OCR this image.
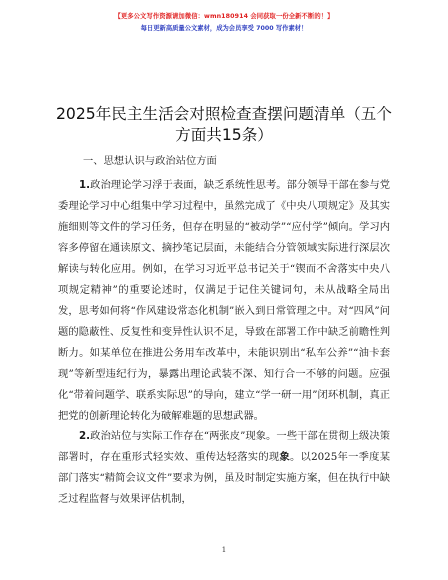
【更多公文写作资源请加微信：wmn180914 会同获取一份全新不断的！】
每日更新高质量公文素材，成为会员享受 7000 写作素材！
2025年民主生活会对照检查查摆问题清单（五个方面共15条）
一、思想认识与政治站位方面

1.政治理论学习浮于表面，缺乏系统性思考。部分领导干部在参与党委理论学习中心组集中学习过程中，虽然完成了《中央八项规定》及其实施细则等文件的学习任务，但存在明显的“被动学”“应付学”倾向。学习内容多停留在通读原文、摘抄笔记层面，未能结合分管领域实际进行深层次解读与转化应用。例如，在学习习近平总书记关于“锲而不舍落实中央八项规定精神”的重要论述时，仅满足于记住关键词句，未从战略全局出发，思考如何将“作风建设常态化机制”嵌入到日常管理之中。对“四风”问题的隐蔽性、反复性和变异性认识不足，导致在部署工作中缺乏前瞻性判断力。如某单位在推进公务用车改革中，未能识别出“私车公养”“油卡套现”等新型违纪行为，暴露出理论武装不深、知行合一不够的问题。应强化“带着问题学、联系实际思”的导向，建立“学一研一用”闭环机制，真正把党的创新理论转化为破解难题的思想武器。

2.政治站位与实际工作存在“两张皮”现象。一些干部在贯彻上级决策部署时，存在重形式轻实效、重传达轻落实的现象。以2025年一季度某部门落实“精简会议文件”要求为例，虽及时制定实施方案，但在执行中缺乏过程监督与效果评估机制，

1
